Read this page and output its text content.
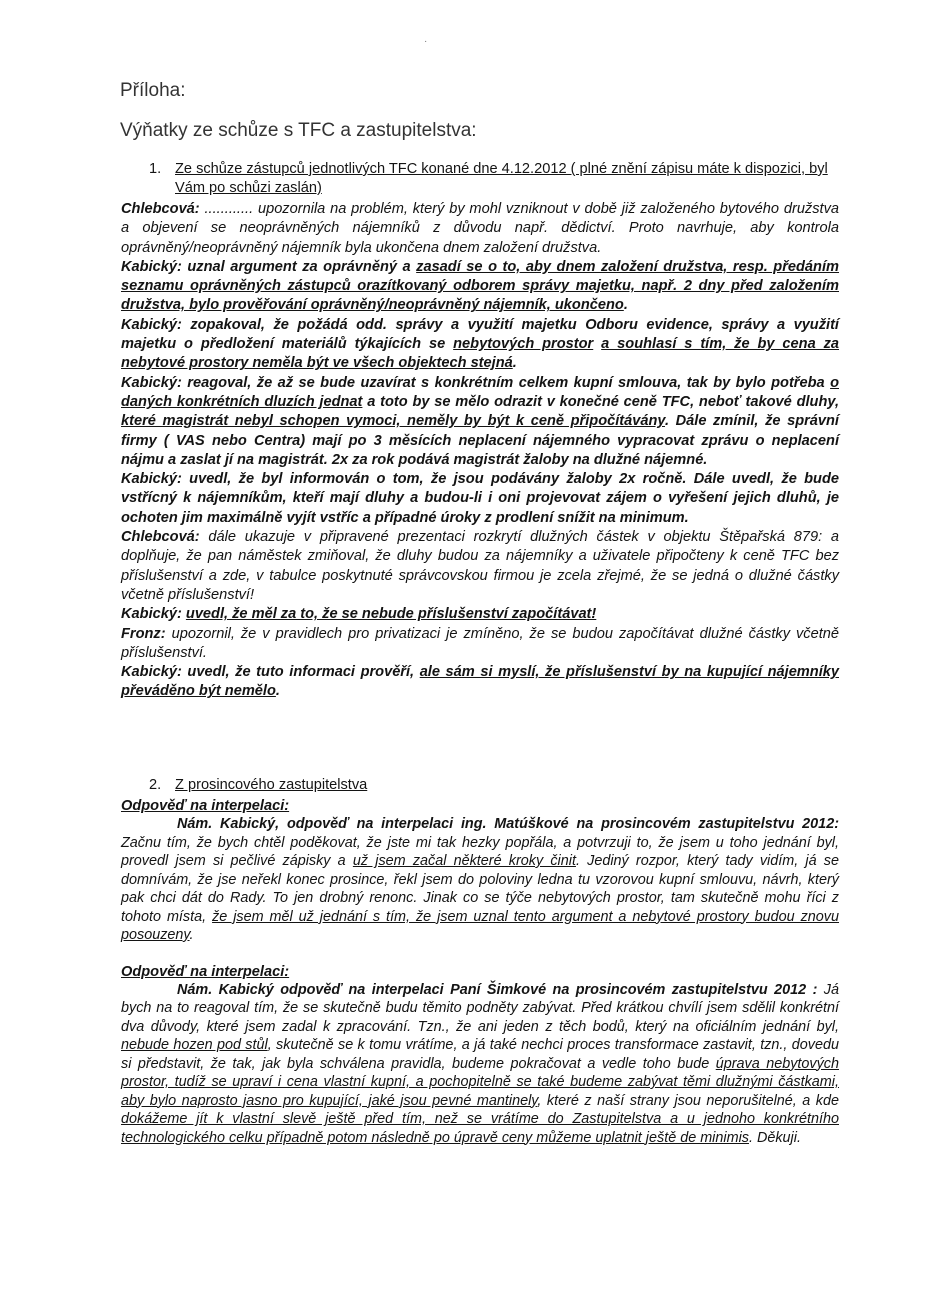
·
Příloha:
Výňatky ze schůze s TFC a zastupitelstva:
1. Ze schůze zástupců jednotlivých TFC konané dne 4.12.2012 ( plné znění zápisu máte k dispozici, byl Vám po schůzi zaslán)

Chlebcová: ............ upozornila na problém, který by mohl vzniknout v době již založeného bytového družstva a objevení se neoprávněných nájemníků z důvodu např. dědictví. Proto navrhuje, aby kontrola oprávněný/neoprávněný nájemník byla ukončena dnem založení družstva.

Kabický: uznal argument za oprávněný a zasadí se o to, aby dnem založení družstva, resp. předáním seznamu oprávněných zástupců orazítkovaný odborem správy majetku, např. 2 dny před založením družstva, bylo prověřování oprávněný/neoprávněný nájemník, ukončeno.

Kabický: zopakoval, že požádá odd. správy a využití majetku Odboru evidence, správy a využití majetku o předložení materiálů týkajících se nebytových prostor a souhlasí s tím, že by cena za nebytové prostory neměla být ve všech objektech stejná.

Kabický: reagoval, že až se bude uzavírat s konkrétním celkem kupní smlouva, tak by bylo potřeba o daných konkrétních dluzích jednat a toto by se mělo odrazit v konečné ceně TFC, neboť takové dluhy, které magistrát nebyl schopen vymoci, neměly by být k ceně připočítávány. Dále zmínil, že správní firmy ( VAS nebo Centra) mají po 3 měsících neplacení nájemného vypracovat zprávu o neplacení nájmu a zaslat jí na magistrát. 2x za rok podává magistrát žaloby na dlužné nájemné.

Kabický: uvedl, že byl informován o tom, že jsou podávány žaloby 2x ročně. Dále uvedl, že bude vstřícný k nájemníkům, kteří mají dluhy a budou-li i oni projevovat zájem o vyřešení jejich dluhů, je ochoten jim maximálně vyjít vstříc a případné úroky z prodlení snížit na minimum.

Chlebcová: dále ukazuje v připravené prezentaci rozkrytí dlužných částek v objektu Štěpařská 879: a doplňuje, že pan náměstek zmiňoval, že dluhy budou za nájemníky a uživatele připočteny k ceně TFC bez příslušenství a zde, v tabulce poskytnuté správcovskou firmou je zcela zřejmé, že se jedná o dlužné částky včetně příslušenství!

Kabický: uvedl, že měl za to, že se nebude příslušenství započítávat!

Fronz: upozornil, že v pravidlech pro privatizaci je zmíněno, že se budou započítávat dlužné částky včetně příslušenství.

Kabický: uvedl, že tuto informaci prověří, ale sám si myslí, že příslušenství by na kupující nájemníky převáděno být nemělo.

2. Z prosincového zastupitelstva
Odpověď na interpelaci:

Nám. Kabický, odpověď na interpelaci ing. Matúškové na prosincovém zastupitelstvu 2012: Začnu tím, že bych chtěl poděkovat, že jste mi tak hezky popřála, a potvrzuji to, že jsem u toho jednání byl, provedl jsem si pečlivé zápisky a už jsem začal některé kroky činit. Jediný rozpor, který tady vidím, já se domnívám, že jse neřekl konec prosince, řekl jsem do poloviny ledna tu vzorovou kupní smlouvu, návrh, který pak chci dát do Rady. To jen drobný renonc. Jinak co se týče nebytových prostor, tam skutečně mohu říci z tohoto místa, že jsem měl už jednání s tím, že jsem uznal tento argument a nebytové prostory budou znovu posouzeny.

Odpověď na interpelaci:

Nám. Kabický odpověď na interpelaci Paní Šimkové na prosincovém zastupitelstvu 2012 : Já bych na to reagoval tím, že se skutečně budu těmito podněty zabývat. Před krátkou chvílí jsem sdělil konkrétní dva důvody, které jsem zadal k zpracování. Tzn., že ani jeden z těch bodů, který na oficiálním jednání byl, nebude hozen pod stůl, skutečně se k tomu vrátíme, a já také nechci proces transformace zastavit, tzn., dovedu si představit, že tak, jak byla schválena pravidla, budeme pokračovat a vedle toho bude úprava nebytových prostor, tudíž se upraví i cena vlastní kupní, a pochopitelně se také budeme zabývat těmi dlužnými částkami, aby bylo naprosto jasno pro kupující, jaké jsou pevné mantinely, které z naší strany jsou neporušitelné, a kde dokážeme jít k vlastní slevě ještě před tím, než se vrátíme do Zastupitelstva a u jednoho konkrétního technologického celku případně potom následně po úpravě ceny můžeme uplatnit ještě de minimis. Děkuji.
